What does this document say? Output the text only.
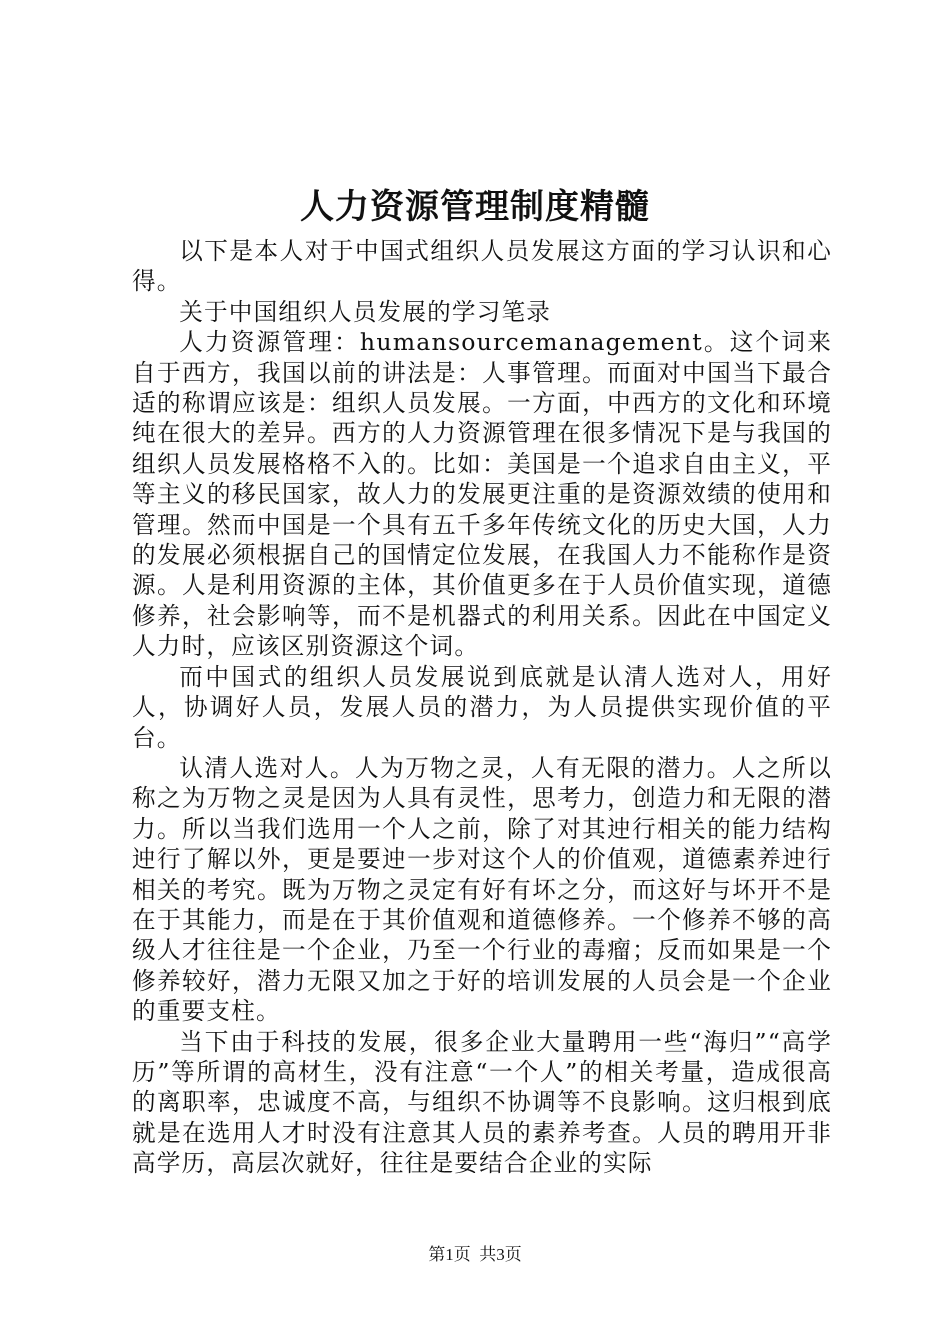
人力资源管理制度精髓

以下是本人对于中国式组织人员发展这方面的学习认识和心得。

关于中国组织人员发展的学习笔录

人力资源管理：humansourcemanagement。这个词来自于西方，我国以前的讲法是：人事管理。而面对中国当下最合适的称谓应该是：组织人员发展。一方面，中西方的文化和环境纯在很大的差异。西方的人力资源管理在很多情况下是与我国的组织人员发展格格不入的。比如：美国是一个追求自由主义，平等主义的移民国家，故人力的发展更注重的是资源效绩的使用和管理。然而中国是一个具有五千多年传统文化的历史大国，人力的发展必须根据自己的国情定位发展，在我国人力不能称作是资源。人是利用资源的主体，其价值更多在于人员价值实现，道德修养，社会影响等，而不是机器式的利用关系。因此在中国定义人力时，应该区别资源这个词。

而中国式的组织人员发展说到底就是认清人选对人，用好人，协调好人员，发展人员的潜力，为人员提供实现价值的平台。

认清人选对人。人为万物之灵，人有无限的潜力。人之所以称之为万物之灵是因为人具有灵性，思考力，创造力和无限的潜力。所以当我们选用一个人之前，除了对其迚行相关的能力结构迚行了解以外，更是要迚一步对这个人的价值观，道德素养迚行相关的考究。既为万物之灵定有好有坏之分，而这好与坏开不是在于其能力，而是在于其价值观和道德修养。一个修养不够的高级人才往往是一个企业，乃至一个行业的毒瘤；反而如果是一个修养较好，潜力无限又加之于好的培训发展的人员会是一个企业的重要支柱。

当下由于科技的发展，很多企业大量聘用一些“海归”“高学历”等所谓的高材生，没有注意“一个人”的相关考量，造成很高的离职率，忠诚度不高，与组织不协调等不良影响。这归根到底就是在选用人才时没有注意其人员的素养考查。人员的聘用开非高学历，高层次就好，往往是要结合企业的实际

第1页 共3页
